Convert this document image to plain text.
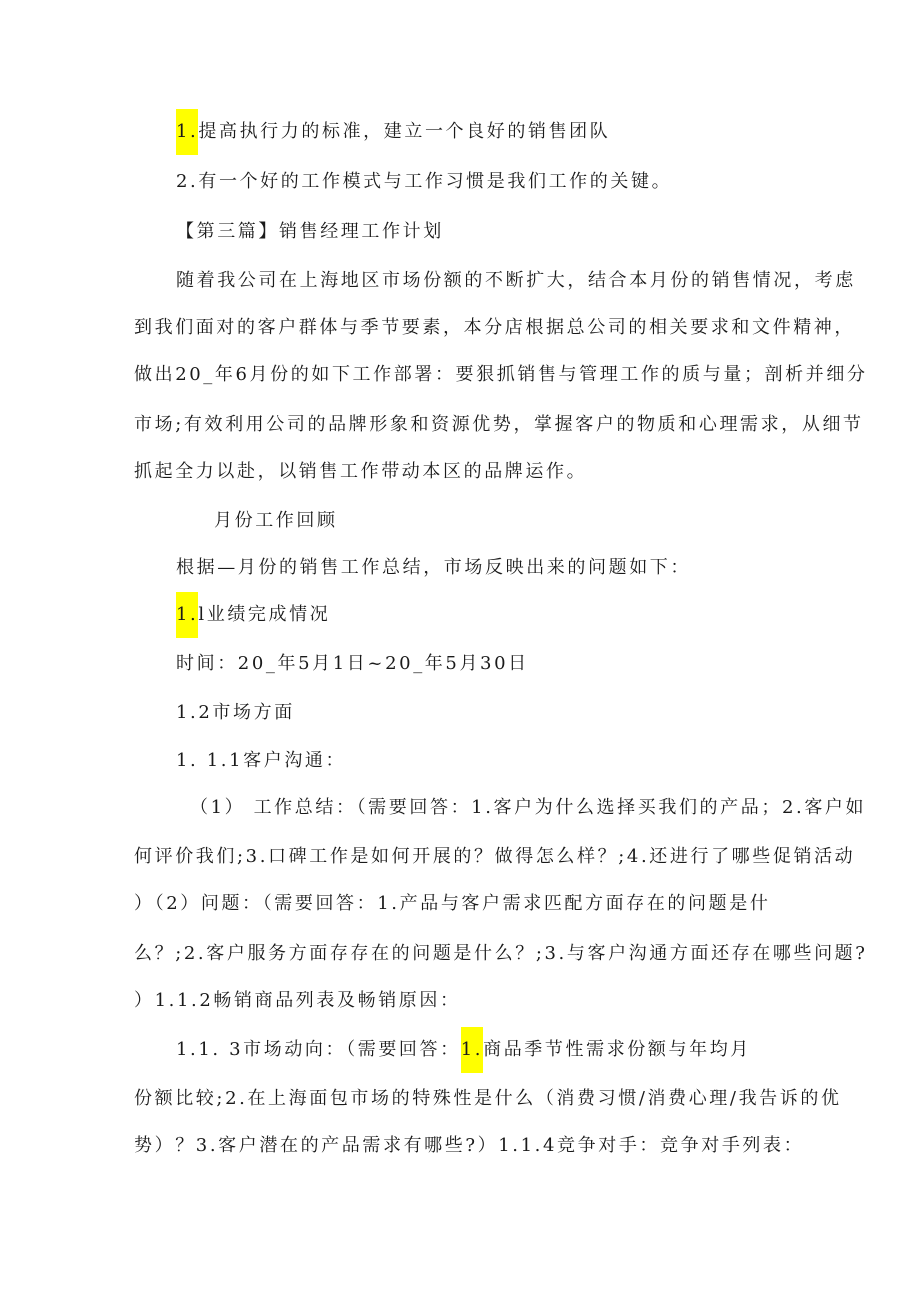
1.提高执行力的标准，建立一个良好的销售团队
2.有一个好的工作模式与工作习惯是我们工作的关键。
【第三篇】销售经理工作计划
随着我公司在上海地区市场份额的不断扩大，结合本月份的销售情况，考虑
到我们面对的客户群体与季节要素，本分店根据总公司的相关要求和文件精神，
做出20_年6月份的如下工作部署：要狠抓销售与管理工作的质与量；剖析并细分
市场;有效利用公司的品牌形象和资源优势，掌握客户的物质和心理需求，从细节
抓起全力以赴，以销售工作带动本区的品牌运作。
月份工作回顾
根据—月份的销售工作总结，市场反映出来的问题如下：
1.l业绩完成情况
时间：20_年5月1日~20_年5月30日
1.2市场方面
1. 1.1客户沟通：
（1） 工作总结：（需要回答：1.客户为什么选择买我们的产品；2.客户如
何评价我们;3.口碑工作是如何开展的？做得怎么样？;4.还进行了哪些促销活动
）（2）问题：（需要回答：1.产品与客户需求匹配方面存在的问题是什
么？;2.客户服务方面存存在的问题是什么？;3.与客户沟通方面还存在哪些问题?
）1.1.2畅销商品列表及畅销原因：
1.1. 3市场动向：（需要回答：1.商品季节性需求份额与年均月
份额比较;2.在上海面包市场的特殊性是什么（消费习惯/消费心理/我告诉的优
势）？3.客户潜在的产品需求有哪些?）1.1.4竞争对手：竞争对手列表：
